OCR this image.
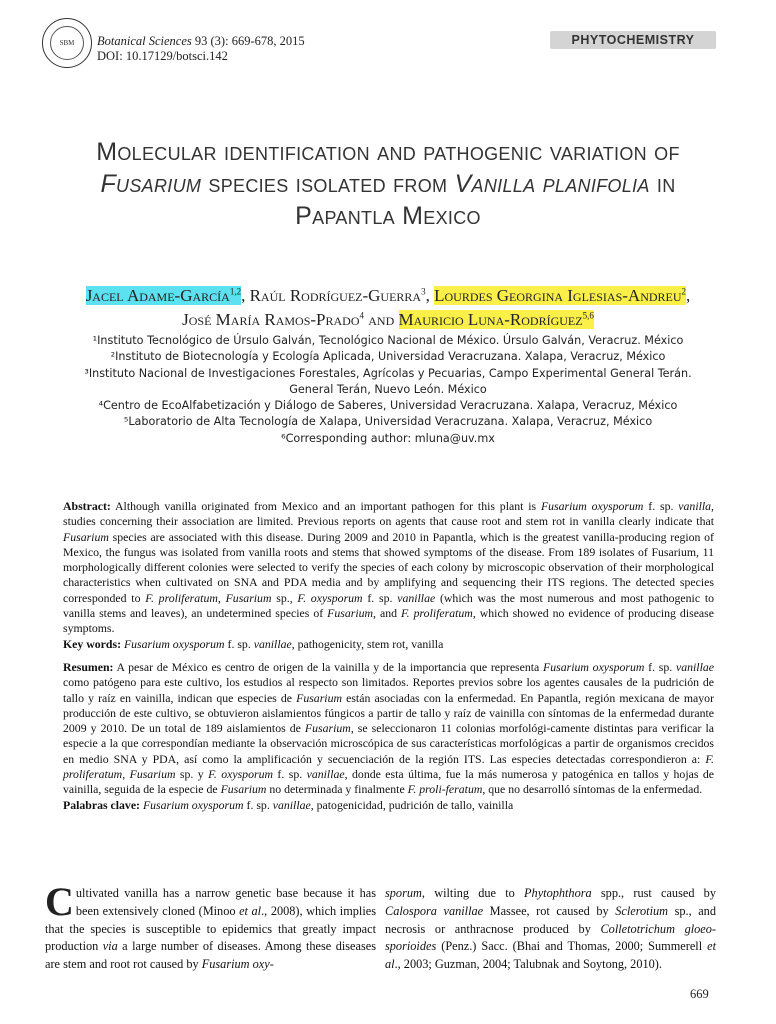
SBM Botanical Sciences 93 (3): 669-678, 2015
DOI: 10.17129/botsci.142
PHYTOCHEMISTRY
Molecular identification and pathogenic variation of
Fusarium species isolated from Vanilla planifolia in
Papantla Mexico
Jacel Adame-García$^{1,2}$, Raúl Rodríguez-Guerra$^3$, Lourdes Georgina Iglesias-Andreu$^2$,
José María Ramos-Prado$^4$ and Mauricio Luna-Rodríguez$^{5,6}$
¹Instituto Tecnológico de Úrsulo Galván, Tecnológico Nacional de México. Úrsulo Galván, Veracruz. México
²Instituto de Biotecnología y Ecología Aplicada, Universidad Veracruzana. Xalapa, Veracruz, México
³Instituto Nacional de Investigaciones Forestales, Agrícolas y Pecuarias, Campo Experimental General Terán.
General Terán, Nuevo León. México
⁴Centro de EcoAlfabetización y Diálogo de Saberes, Universidad Veracruzana. Xalapa, Veracruz, México
⁵Laboratorio de Alta Tecnología de Xalapa, Universidad Veracruzana. Xalapa, Veracruz, México
⁶Corresponding author: mluna@uv.mx

Abstract: Although vanilla originated from Mexico and an important pathogen for this plant is Fusarium oxysporum f. sp. vanilla, studies concerning their association are limited. Previous reports on agents that cause root and stem rot in vanilla clearly indicate that Fusarium species are associated with this disease. During 2009 and 2010 in Papantla, which is the greatest vanilla-producing region of Mexico, the fungus was isolated from vanilla roots and stems that showed symptoms of the disease. From 189 isolates of Fusarium, 11 morphologically different colonies were selected to verify the species of each colony by microscopic observation of their morphological characteristics when cultivated on SNA and PDA media and by amplifying and sequencing their ITS regions. The detected species corresponded to F. proliferatum, Fusarium sp., F. oxysporum f. sp. vanillae (which was the most numerous and most pathogenic to vanilla stems and leaves), an undetermined species of Fusarium, and F. proliferatum, which showed no evidence of producing disease symptoms.

Key words: Fusarium oxysporum f. sp. vanillae, pathogenicity, stem rot, vanilla

Resumen: A pesar de México es centro de origen de la vainilla y de la importancia que representa Fusarium oxysporum f. sp. vanillae como patógeno para este cultivo, los estudios al respecto son limitados. Reportes previos sobre los agentes causales de la pudrición de tallo y raíz en vainilla, indican que especies de Fusarium están asociadas con la enfermedad. En Papantla, región mexicana de mayor producción de este cultivo, se obtuvieron aislamientos fúngicos a partir de tallo y raíz de vainilla con síntomas de la enfermedad durante 2009 y 2010. De un total de 189 aislamientos de Fusarium, se seleccionaron 11 colonias morfológi-camente distintas para verificar la especie a la que correspondían mediante la observación microscópica de sus características morfológicas a partir de organismos crecidos en medio SNA y PDA, así como la amplificación y secuenciación de la región ITS. Las especies detectadas correspondieron a: F. proliferatum, Fusarium sp. y F. oxysporum f. sp. vanillae, donde esta última, fue la más numerosa y patogénica en tallos y hojas de vainilla, seguida de la especie de Fusarium no determinada y finalmente F. proli-feratum, que no desarrolló síntomas de la enfermedad.

Palabras clave: Fusarium oxysporum f. sp. vanillae, patogenicidad, pudrición de tallo, vainilla

Cultivated vanilla has a narrow genetic base because it has been extensively cloned (Minoo et al., 2008), which implies that the species is susceptible to epidemics that greatly impact production via a large number of diseases. Among these diseases are stem and root rot caused by Fusarium oxy-

sporum, wilting due to Phytophthora spp., rust caused by Calospora vanillae Massee, rot caused by Sclerotium sp., and necrosis or anthracnose produced by Colletotrichum gloeo-sporioides (Penz.) Sacc. (Bhai and Thomas, 2000; Summerell et al., 2003; Guzman, 2004; Talubnak and Soytong, 2010).

669
